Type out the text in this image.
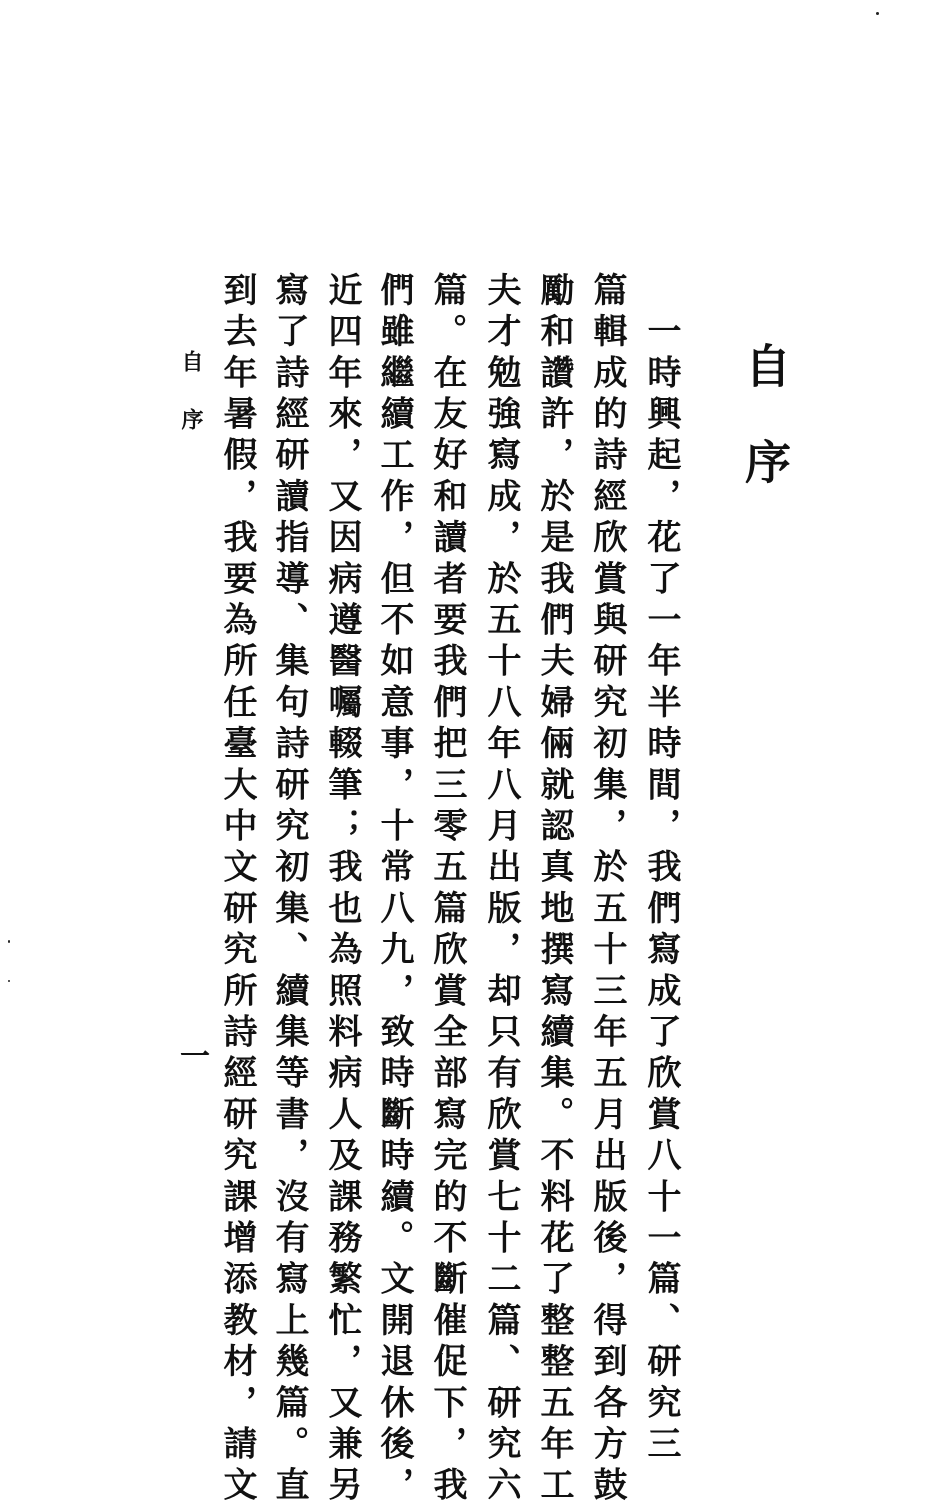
自序

　一時興起，花了一年半時間，我們寫成了欣賞八十一篇、研究三

篇輯成的詩經欣賞與研究初集，於五十三年五月出版後，得到各方鼓

勵和讚許，於是我們夫婦倆就認真地撰寫續集。不料花了整整五年工

夫才勉強寫成，於五十八年八月出版，却只有欣賞七十二篇、研究六

篇。在友好和讀者要我們把三零五篇欣賞全部寫完的不斷催促下，我

們雖繼續工作，但不如意事，十常八九，致時斷時續。文開退休後，

近四年來，又因病遵醫囑輟筆；我也為照料病人及課務繁忙，又兼另

寫了詩經研讀指導、集句詩研究初集、續集等書，沒有寫上幾篇。直

到去年暑假，我要為所任臺大中文研究所詩經研究課增添教材，請文

自序
一
